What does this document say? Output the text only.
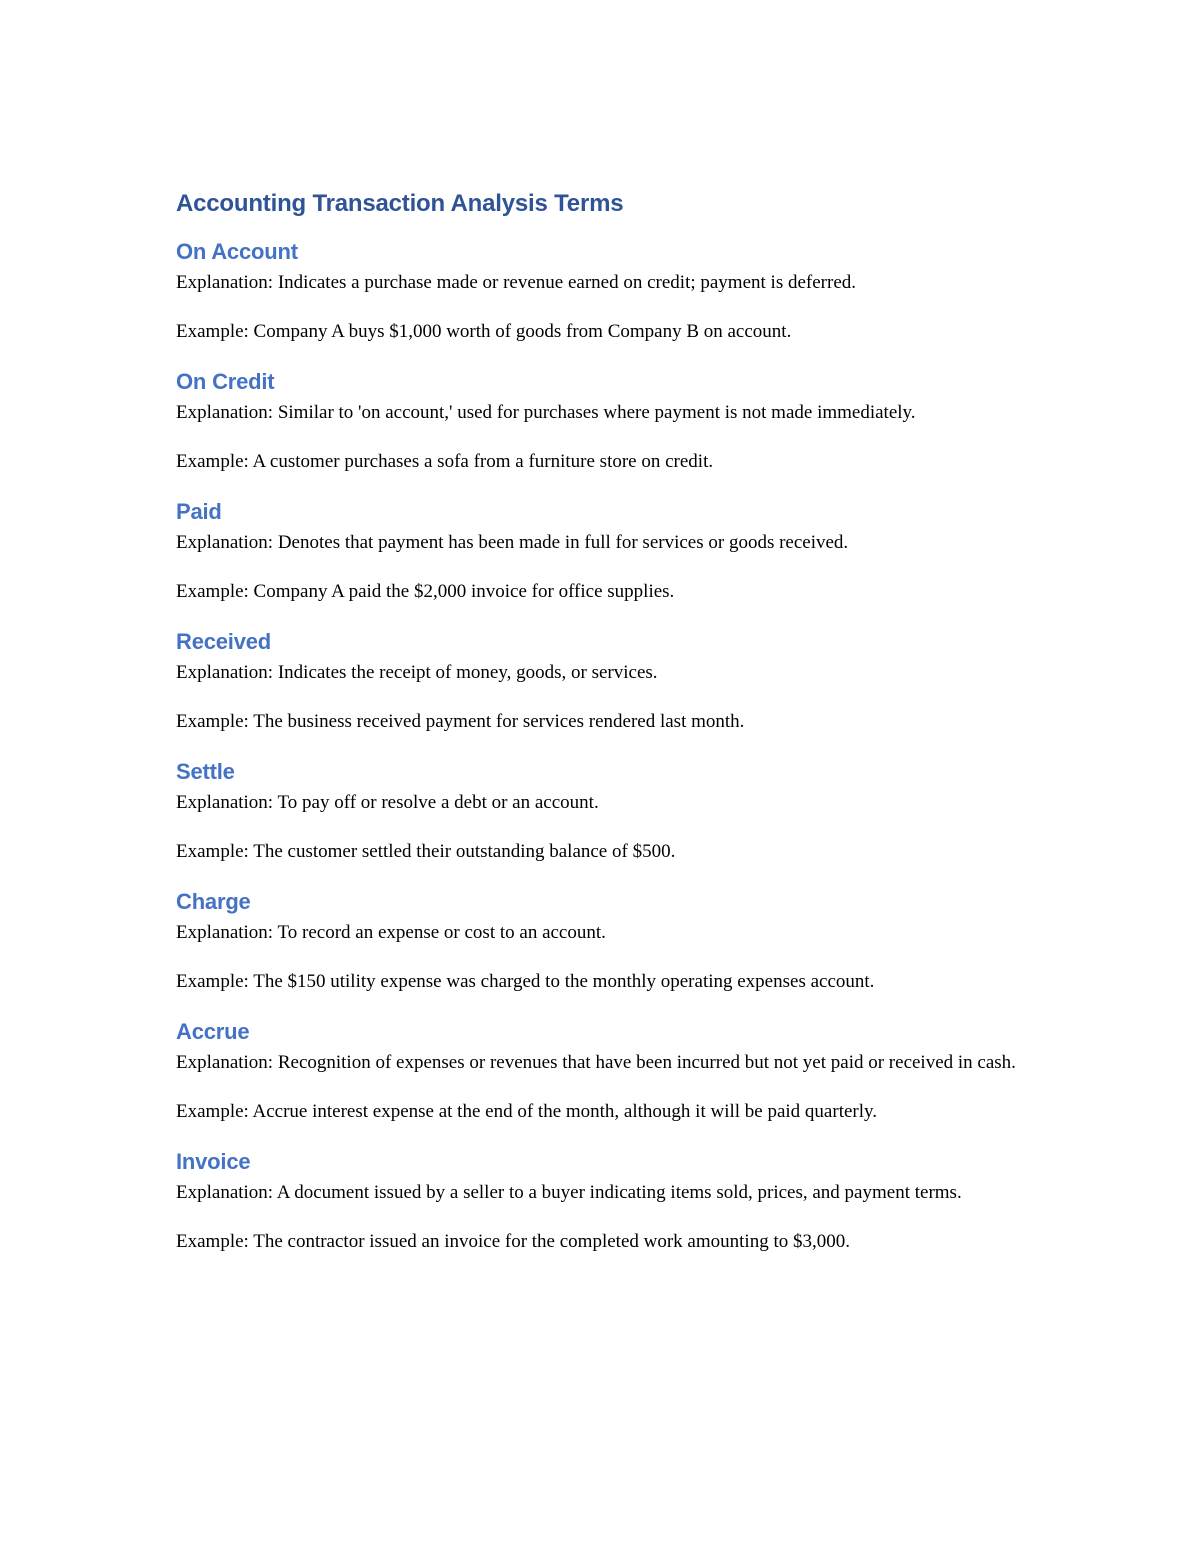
Accounting Transaction Analysis Terms
On Account

Explanation: Indicates a purchase made or revenue earned on credit; payment is deferred.

Example: Company A buys $1,000 worth of goods from Company B on account.

On Credit

Explanation: Similar to 'on account,' used for purchases where payment is not made immediately.

Example: A customer purchases a sofa from a furniture store on credit.

Paid

Explanation: Denotes that payment has been made in full for services or goods received.

Example: Company A paid the $2,000 invoice for office supplies.

Received

Explanation: Indicates the receipt of money, goods, or services.

Example: The business received payment for services rendered last month.

Settle

Explanation: To pay off or resolve a debt or an account.

Example: The customer settled their outstanding balance of $500.

Charge

Explanation: To record an expense or cost to an account.

Example: The $150 utility expense was charged to the monthly operating expenses account.

Accrue

Explanation: Recognition of expenses or revenues that have been incurred but not yet paid or received in cash.

Example: Accrue interest expense at the end of the month, although it will be paid quarterly.

Invoice

Explanation: A document issued by a seller to a buyer indicating items sold, prices, and payment terms.

Example: The contractor issued an invoice for the completed work amounting to $3,000.
